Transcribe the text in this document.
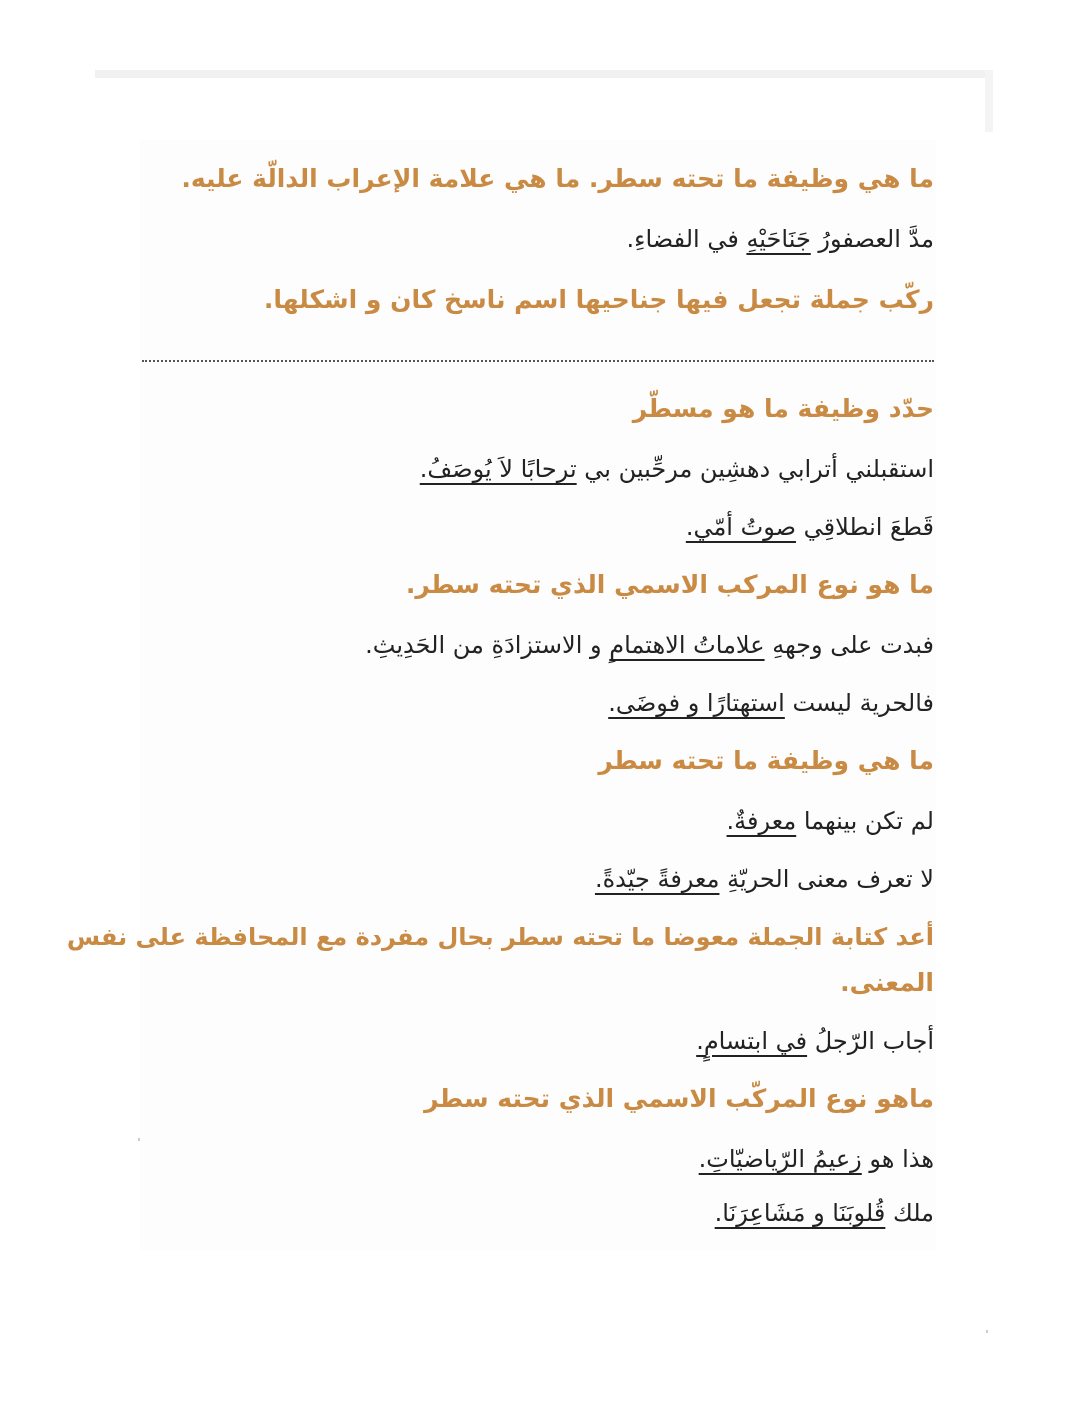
ما هي وظيفة ما تحته سطر. ما هي علامة الإعراب الدالّة عليه.
مدَّ العصفورُ جَنَاحَيْهِ في الفضاءِ.
ركّب جملة تجعل فيها جناحيها اسم ناسخ كان و اشكلها.
حدّد وظيفة ما هو مسطّر
استقبلني أترابي دهشِين مرحِّبين بي ترحابًا لاَ يُوصَفُ.
قَطعَ انطلاقِي صوتُ أمّي.
ما هو نوع المركب الاسمي الذي تحته سطر.
فبدت على وجههِ علاماتُ الاهتمامِ و الاستزادَةِ من الحَدِيثِ.
فالحرية ليست استهتارًا و فوضَى.
ما هي وظيفة ما تحته سطر
لم تكن بينهما معرفةٌ.
لا تعرف معنى الحريّةِ معرفةً جيّدةً.
أعد كتابة الجملة معوضا ما تحته سطر بحال مفردة مع المحافظة على نفس
المعنى.
أجاب الرّجلُ في ابتسامٍ.
ماهو نوع المركّب الاسمي الذي تحته سطر
هذا هو زعيمُ الرّياضيّاتِ.
ملك قُلوبَنَا و مَشَاعِرَنَا.
